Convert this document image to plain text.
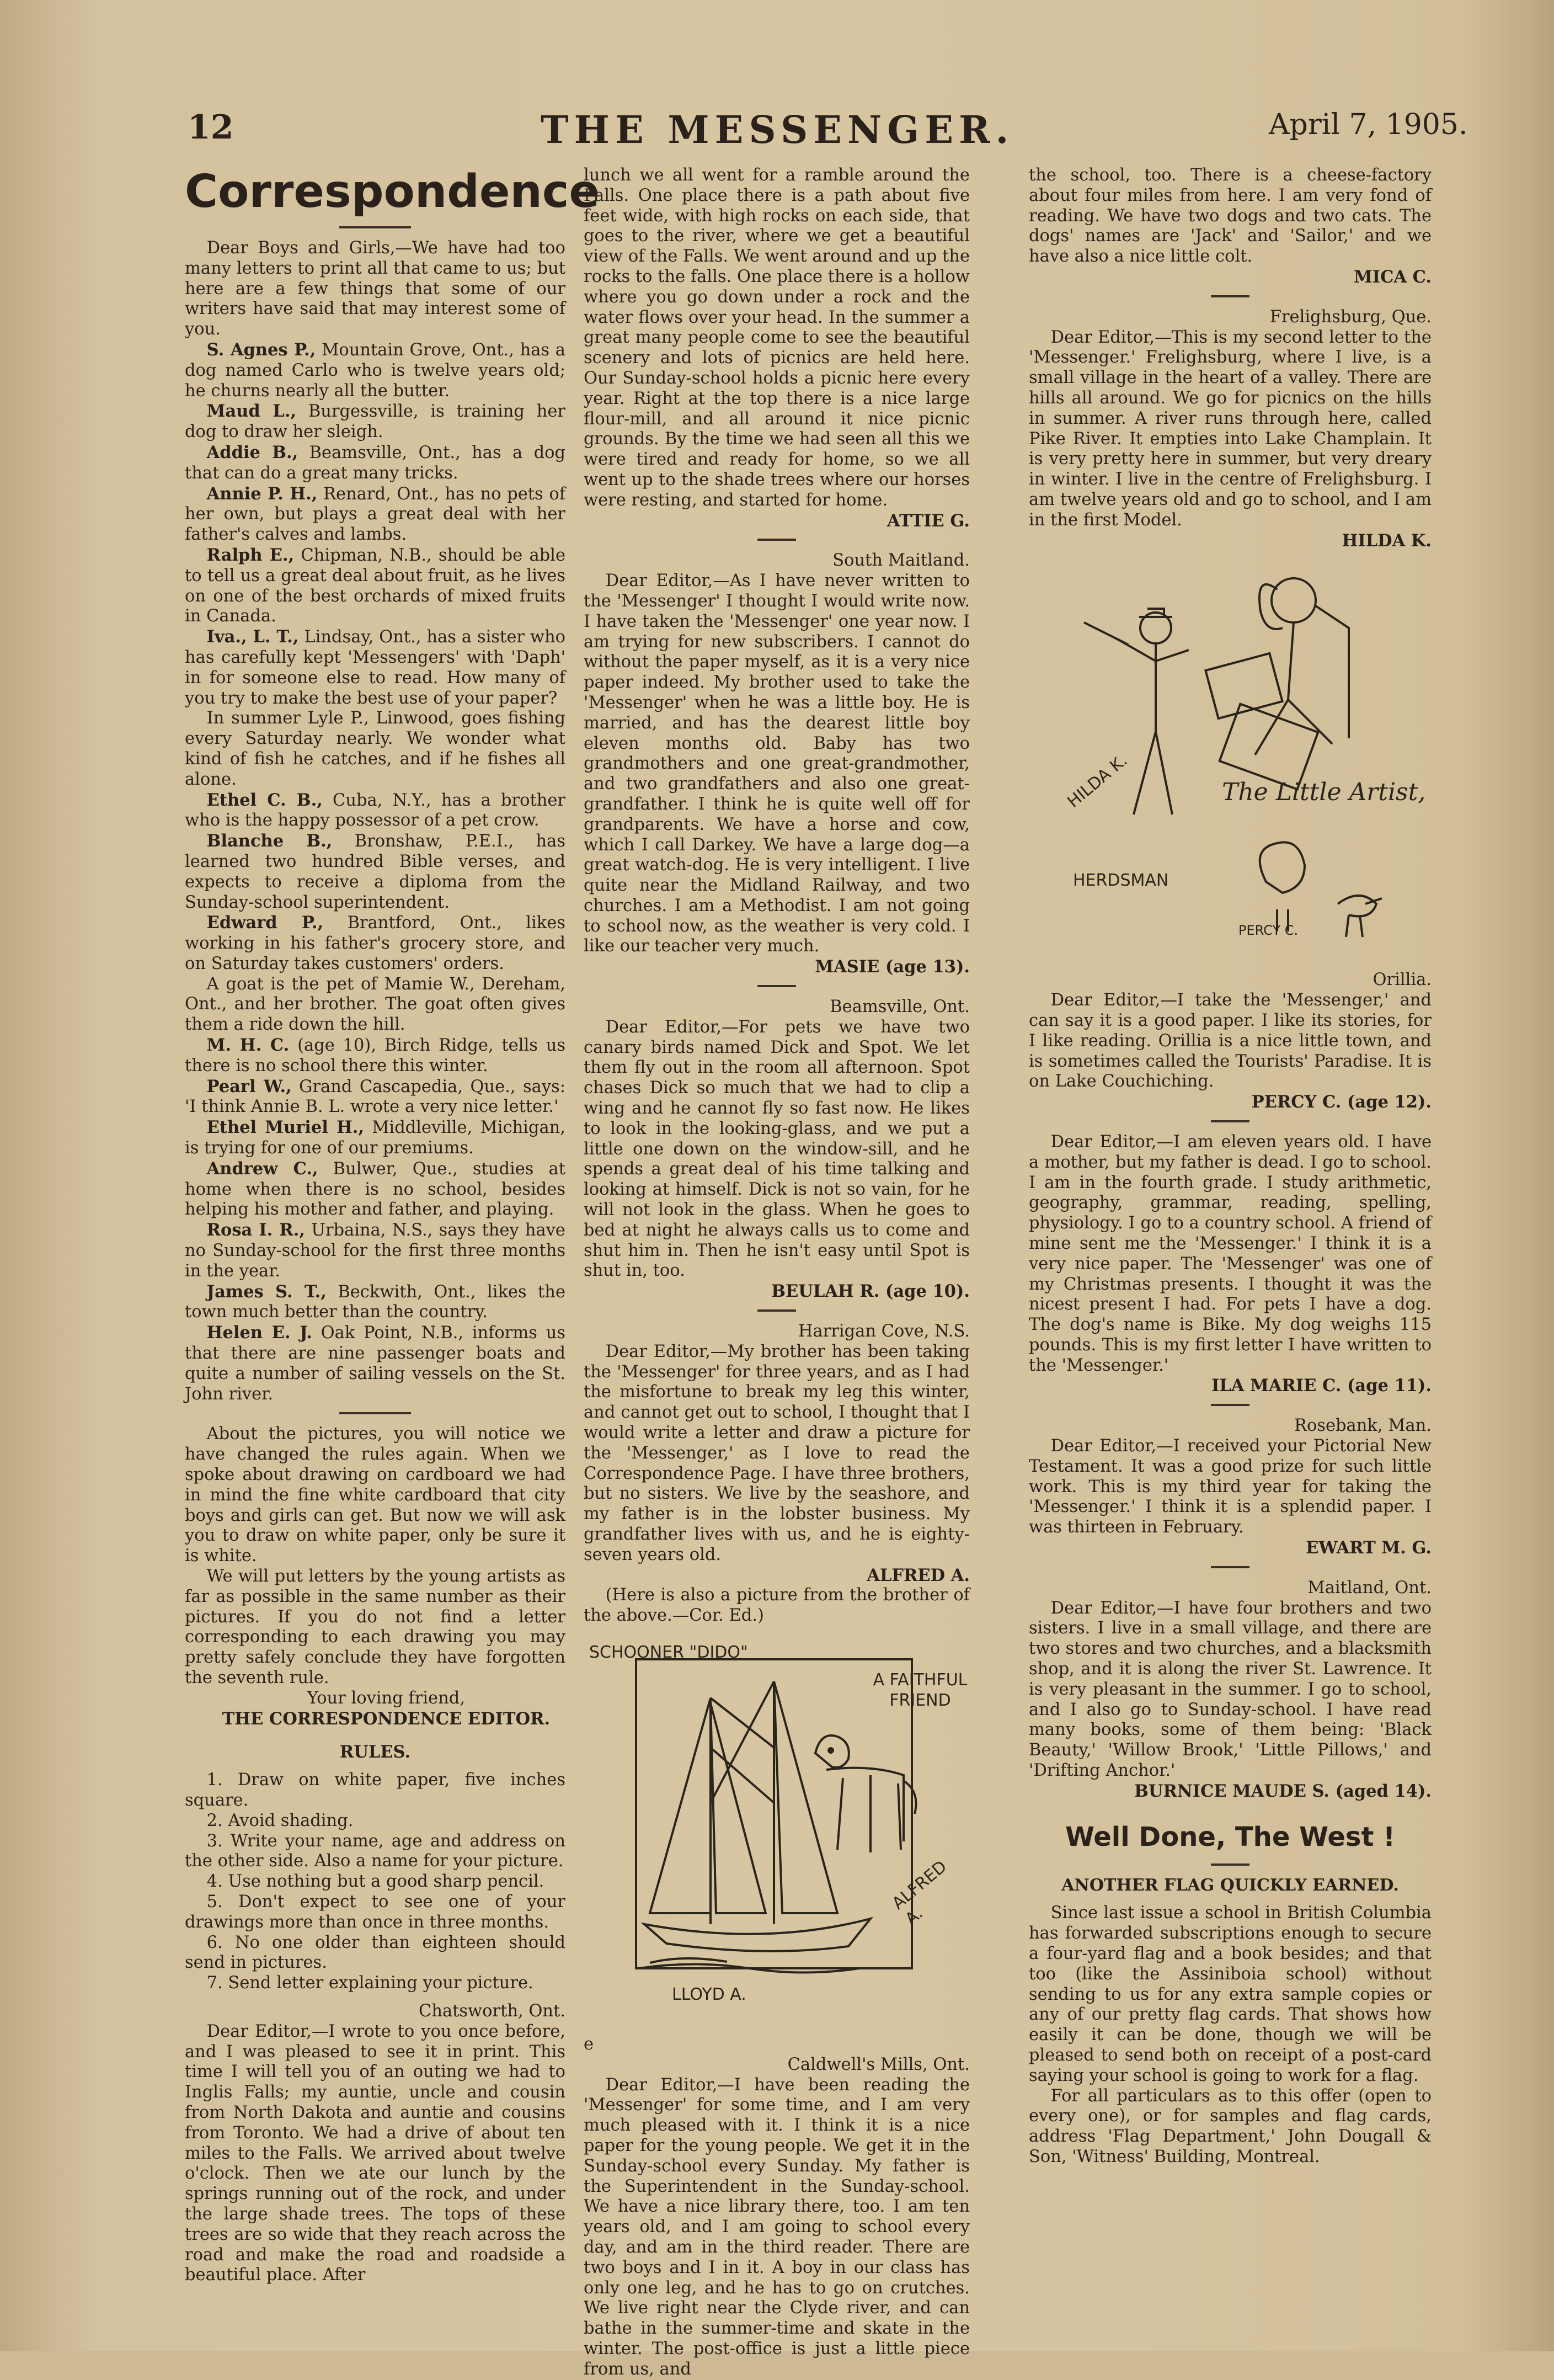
12	THE MESSENGER.	April 7, 1905.
Correspondence

Dear Boys and Girls,—We have had too many letters to print all that came to us; but here are a few things that some of our writers have said that may interest some of you.

S. Agnes P., Mountain Grove, Ont., has a dog named Carlo who is twelve years old; he churns nearly all the butter.

Maud L., Burgessville, is training her dog to draw her sleigh.

Addie B., Beamsville, Ont., has a dog that can do a great many tricks.

Annie P. H., Renard, Ont., has no pets of her own, but plays a great deal with her father's calves and lambs.

Ralph E., Chipman, N.B., should be able to tell us a great deal about fruit, as he lives on one of the best orchards of mixed fruits in Canada.

Iva., L. T., Lindsay, Ont., has a sister who has carefully kept 'Messengers' with 'Daph' in for someone else to read. How many of you try to make the best use of your paper?

In summer Lyle P., Linwood, goes fishing every Saturday nearly. We wonder what kind of fish he catches, and if he fishes all alone.

Ethel C. B., Cuba, N.Y., has a brother who is the happy possessor of a pet crow.

Blanche B., Bronshaw, P.E.I., has learned two hundred Bible verses, and expects to receive a diploma from the Sunday-school superintendent.

Edward P., Brantford, Ont., likes working in his father's grocery store, and on Saturday takes customers' orders.

A goat is the pet of Mamie W., Dereham, Ont., and her brother. The goat often gives them a ride down the hill.

M. H. C. (age 10), Birch Ridge, tells us there is no school there this winter.

Pearl W., Grand Cascapedia, Que., says: 'I think Annie B. L. wrote a very nice letter.'

Ethel Muriel H., Middleville, Michigan, is trying for one of our premiums.

Andrew C., Bulwer, Que., studies at home when there is no school, besides helping his mother and father, and playing.

Rosa I. R., Urbaina, N.S., says they have no Sunday-school for the first three months in the year.

James S. T., Beckwith, Ont., likes the town much better than the country.

Helen E. J. Oak Point, N.B., informs us that there are nine passenger boats and quite a number of sailing vessels on the St. John river.

About the pictures, you will notice we have changed the rules again. When we spoke about drawing on cardboard we had in mind the fine white cardboard that city boys and girls can get. But now we will ask you to draw on white paper, only be sure it is white.

We will put letters by the young artists as far as possible in the same number as their pictures. If you do not find a letter corresponding to each drawing you may pretty safely conclude they have forgotten the seventh rule.

Your loving friend,

THE CORRESPONDENCE EDITOR.

RULES.
1. Draw on white paper, five inches square.
2. Avoid shading.
3. Write your name, age and address on the other side. Also a name for your picture.
4. Use nothing but a good sharp pencil.
5. Don't expect to see one of your drawings more than once in three months.
6. No one older than eighteen should send in pictures.
7. Send letter explaining your picture.

Chatsworth, Ont.

Dear Editor,—I wrote to you once before, and I was pleased to see it in print. This time I will tell you of an outing we had to Inglis Falls; my auntie, uncle and cousin from North Dakota and auntie and cousins from Toronto. We had a drive of about ten miles to the Falls. We arrived about twelve o'clock. Then we ate our lunch by the springs running out of the rock, and under the large shade trees. The tops of these trees are so wide that they reach across the road and make the road and roadside a beautiful place. After

lunch we all went for a ramble around the Falls. One place there is a path about five feet wide, with high rocks on each side, that goes to the river, where we get a beautiful view of the Falls. We went around and up the rocks to the falls. One place there is a hollow where you go down under a rock and the water flows over your head. In the summer a great many people come to see the beautiful scenery and lots of picnics are held here. Our Sunday-school holds a picnic here every year. Right at the top there is a nice large flour-mill, and all around it nice picnic grounds. By the time we had seen all this we were tired and ready for home, so we all went up to the shade trees where our horses were resting, and started for home.

ATTIE G.

South Maitland.

Dear Editor,—As I have never written to the 'Messenger' I thought I would write now. I have taken the 'Messenger' one year now. I am trying for new subscribers. I cannot do without the paper myself, as it is a very nice paper indeed. My brother used to take the 'Messenger' when he was a little boy. He is married, and has the dearest little boy eleven months old. Baby has two grandmothers and one great-grandmother, and two grandfathers and also one great-grandfather. I think he is quite well off for grandparents. We have a horse and cow, which I call Darkey. We have a large dog—a great watch-dog. He is very intelligent. I live quite near the Midland Railway, and two churches. I am a Methodist. I am not going to school now, as the weather is very cold. I like our teacher very much.

MASIE (age 13).

Beamsville, Ont.

Dear Editor,—For pets we have two canary birds named Dick and Spot. We let them fly out in the room all afternoon. Spot chases Dick so much that we had to clip a wing and he cannot fly so fast now. He likes to look in the looking-glass, and we put a little one down on the window-sill, and he spends a great deal of his time talking and looking at himself. Dick is not so vain, for he will not look in the glass. When he goes to bed at night he always calls us to come and shut him in. Then he isn't easy until Spot is shut in, too.

BEULAH R. (age 10).

Harrigan Cove, N.S.

Dear Editor,—My brother has been taking the 'Messenger' for three years, and as I had the misfortune to break my leg this winter, and cannot get out to school, I thought that I would write a letter and draw a picture for the 'Messenger,' as I love to read the Correspondence Page. I have three brothers, but no sisters. We live by the seashore, and my father is in the lobster business. My grandfather lives with us, and he is eighty-seven years old.

ALFRED A.

(Here is also a picture from the brother of the above.—Cor. Ed.)

SCHOONER "DIDO"
A FAITHFUL FRIEND
LLOYD A.
ALFRED A.

e

Caldwell's Mills, Ont.

Dear Editor,—I have been reading the 'Messenger' for some time, and I am very much pleased with it. I think it is a nice paper for the young people. We get it in the Sunday-school every Sunday. My father is the Superintendent in the Sunday-school. We have a nice library there, too. I am ten years old, and I am going to school every day, and am in the third reader. There are two boys and I in it. A boy in our class has only one leg, and he has to go on crutches. We live right near the Clyde river, and can bathe in the summer-time and skate in the winter. The post-office is just a little piece from us, and

the school, too. There is a cheese-factory about four miles from here. I am very fond of reading. We have two dogs and two cats. The dogs' names are 'Jack' and 'Sailor,' and we have also a nice little colt.

MICA C.

Frelighsburg, Que.

Dear Editor,—This is my second letter to the 'Messenger.' Frelighsburg, where I live, is a small village in the heart of a valley. There are hills all around. We go for picnics on the hills in summer. A river runs through here, called Pike River. It empties into Lake Champlain. It is very pretty here in summer, but very dreary in winter. I live in the centre of Frelighsburg. I am twelve years old and go to school, and I am in the first Model.

HILDA K.

The Little Artist,
HERDSMAN
HILDA K.
PERCY C.

Orillia.

Dear Editor,—I take the 'Messenger,' and can say it is a good paper. I like its stories, for I like reading. Orillia is a nice little town, and is sometimes called the Tourists' Paradise. It is on Lake Couchiching.

PERCY C. (age 12).

Dear Editor,—I am eleven years old. I have a mother, but my father is dead. I go to school. I am in the fourth grade. I study arithmetic, geography, grammar, reading, spelling, physiology. I go to a country school. A friend of mine sent me the 'Messenger.' I think it is a very nice paper. The 'Messenger' was one of my Christmas presents. I thought it was the nicest present I had. For pets I have a dog. The dog's name is Bike. My dog weighs 115 pounds. This is my first letter I have written to the 'Messenger.'

ILA MARIE C. (age 11).

Rosebank, Man.

Dear Editor,—I received your Pictorial New Testament. It was a good prize for such little work. This is my third year for taking the 'Messenger.' I think it is a splendid paper. I was thirteen in February.

EWART M. G.

Maitland, Ont.

Dear Editor,—I have four brothers and two sisters. I live in a small village, and there are two stores and two churches, and a blacksmith shop, and it is along the river St. Lawrence. It is very pleasant in the summer. I go to school, and I also go to Sunday-school. I have read many books, some of them being: 'Black Beauty,' 'Willow Brook,' 'Little Pillows,' and 'Drifting Anchor.'

BURNICE MAUDE S. (aged 14).

Well Done, The West !
ANOTHER FLAG QUICKLY EARNED.

Since last issue a school in British Columbia has forwarded subscriptions enough to secure a four-yard flag and a book besides; and that too (like the Assiniboia school) without sending to us for any extra sample copies or any of our pretty flag cards. That shows how easily it can be done, though we will be pleased to send both on receipt of a post-card saying your school is going to work for a flag.

For all particulars as to this offer (open to every one), or for samples and flag cards, address 'Flag Department,' John Dougall & Son, 'Witness' Building, Montreal.
